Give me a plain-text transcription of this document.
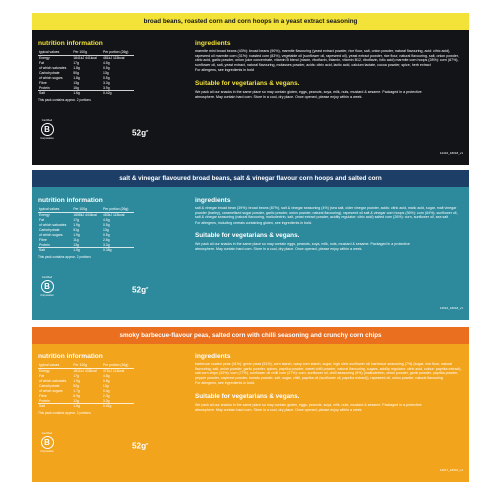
broad beans, roasted corn and corn hoops in a yeast extract seasoning
nutrition information
typical values	Per 100g	Per portion (26g)
Energy	1841kJ 441kcal	481kJ 115kcal
Fat	17g	4.5g
of which saturates	1.8g	0.5g
Carbohydrate	50g	13g
of which sugars	1.8g	0.5g
Fibre	13g	3.3g
Protein	15g	3.9g
Salt	1.6g	0.42g
This pack contains approx. 2 portions
Certified
B
Corporation
$52g^e$
ingredients
marmite mini broad beans (43%): broad beans (90%), marmite flavouring (yeast extract powder, rice flour, salt, onion powder, natural flavouring, acid: citric acid), rapeseed oil marmite corn (31%): roasted corn (83%), vegetable oil (sunflower oil, rapeseed oil), yeast extract powder, rice flour, natural flavouring, salt, onion powder, citric acid, garlic powder, onion juice concentrate, vitamin B blend (niacin, riboflavin, thiamin, vitamin B12, riboflavin, folic acid) marmite corn hoops (28%): corn (87%), sunflower oil, salt, yeast extract, natural flavouring, molasses powder, acids: citric acid, lactic acid, calcium lactate, cocoa powder, spice, herb extract
For allergens, see ingredients in bold
Suitable for vegetarians & vegans.
We pack all our snacks in the same place so may contain gluten, eggs, peanuts, soya, milk, nuts, mustard & sesame. Packaged in a protective atmosphere. May contain hard corn. Store in a cool, dry place. Once opened, please enjoy within a week.
12416_18018_v1
salt & vinegar flavoured broad beans, salt & vinegar flavour corn hoops and salted corn
nutrition information
typical values	Per 100g	Per portion (26g)
Energy	1858kJ 444kcal	483kJ 115kcal
Fat	17g	4.5g
of which saturates	1.9g	0.5g
Carbohydrate	51g	13g
of which sugars	1.9g	0.5g
Fibre	11g	2.8g
Protein	13g	3.3g
Salt	1.5g	0.38g
This pack contains approx. 2 portions
Certified
B
Corporation
$52g^e$
ingredients
salt & vinegar broad bean (39%): broad beans (87%), salt & vinegar seasoning (4%) (sea salt, cider vinegar powder, acids: citric acid, malic acid, sugar, malt vinegar powder (barley), caramelised sugar powder, garlic powder, onion powder, natural flavouring), rapeseed oil salt & vinegar corn hoops (36%): corn (84%), sunflower oil, salt & vinegar seasoning (natural flavouring, maltodextrin, salt, yeast extract powder, acidity regulator: citric acid) salted corn (26%): corn, sunflower oil, sea salt
For allergens, including cereals containing gluten, see ingredients in bold.
Suitable for vegetarians & vegans.
We pack all our snacks in the same place so may contain eggs, peanuts, soya, milk, nuts, mustard & sesame. Packaged in a protective atmosphere. May contain hard corn. Store in a cool, dry place. Once opened, please enjoy within a week.
12516_18018_v1
smoky barbecue-flavour peas, salted corn with chilli seasoning and crunchy corn chips
nutrition information
typical values	Per 100g	Per portion (26g)
Energy	1811kJ 433kcal	471kJ 113kcal
Fat	17g	4.5g
of which saturates	1.9g	0.5g
Carbohydrate	52g	13g
of which sugars	1.7g	0.4g
Fibre	8.9g	2.3g
Protein	12g	3.2g
Salt	1.6g	0.41g
This pack contains approx. 2 portions
Certified
B
Corporation
$52g^e$
ingredients
barbecue coated peas (41%): green peas (51%), corn starch, waxy corn starch, sugar, high oleic sunflower oil, barbecue seasoning (7%) (sugar, rice flour, natural flavouring, salt, onion powder, garlic powder, spices, paprika powder, sweet chilli powder, natural flavouring, sugars, acidity regulator: citric acid, colour: paprika extract), salt corn chips (33%): corn (77%), sunflower oil chilli corn (27%): corn, sunflower oil, chilli seasoning (5%) (maltodextrin, onion powder, garlic powder, paprika powder, pepper powder, cayenne powder, tomato powder, salt, sugar, chilli, paprika oil (sunflower oil, paprika extract)), rapeseed oil, onion powder, natural flavouring
For allergens, see ingredients in bold.
Suitable for vegetarians & vegans.
We pack all our snacks in the same place so may contain gluten, eggs, peanuts, soya, milk, nuts, mustard & sesame. Packaged in a protective atmosphere. May contain hard corn. Store in a cool, dry place. Once opened, please enjoy within a week.
12917_18018_v1
